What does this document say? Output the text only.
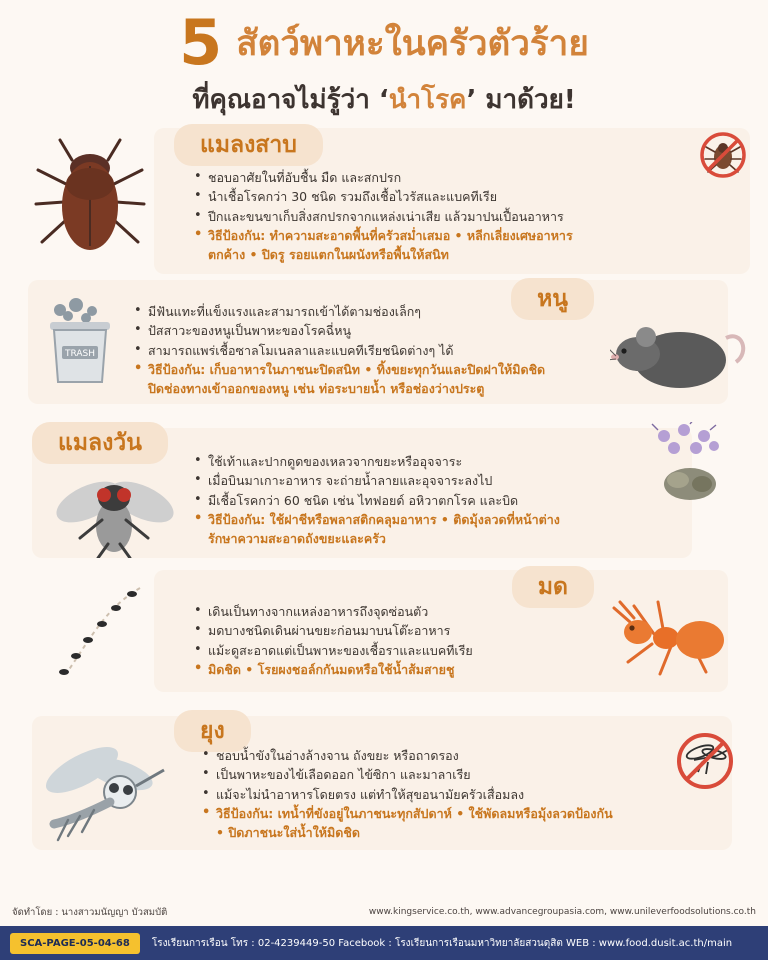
5 สัตว์พาหะในครัวตัวร้าย
ที่คุณอาจไม่รู้ว่า ‘นำโรค’ มาด้วย!
แมลงสาบ
• ชอบอาศัยในที่อับชื้น มืด และสกปรก
• นำเชื้อโรคกว่า 30 ชนิด รวมถึงเชื้อไวรัสและแบคทีเรีย
• ปีกและขนขาเก็บสิ่งสกปรกจากแหล่งเน่าเสีย แล้วมาปนเปื้อนอาหาร
• วิธีป้องกัน: ทำความสะอาดพื้นที่ครัวสม่ำเสมอ • หลีกเลี่ยงเศษอาหาร
ตกค้าง • ปิดรู รอยแตกในผนังหรือพื้นให้สนิท
TRASH
หนู
• มีฟันแทะที่แข็งแรงและสามารถเข้าได้ตามช่องเล็กๆ
• ปัสสาวะของหนูเป็นพาหะของโรคฉี่หนู
• สามารถแพร่เชื้อซาลโมเนลลาและแบคทีเรียชนิดต่างๆ ได้
• วิธีป้องกัน: เก็บอาหารในภาชนะปิดสนิท • ทิ้งขยะทุกวันและปิดฝาให้มิดชิด
ปิดช่องทางเข้าออกของหนู เช่น ท่อระบายน้ำ หรือช่องว่างประตู
แมลงวัน
• ใช้เท้าและปากดูดของเหลวจากขยะหรืออุจจาระ
• เมื่อบินมาเกาะอาหาร จะถ่ายน้ำลายและอุจจาระลงไป
• มีเชื้อโรคกว่า 60 ชนิด เช่น ไทฟอยด์ อหิวาตกโรค และบิด
• วิธีป้องกัน: ใช้ฝาชีหรือพลาสติกคลุมอาหาร • ติดมุ้งลวดที่หน้าต่าง
รักษาความสะอาดถังขยะและครัว
มด
• เดินเป็นทางจากแหล่งอาหารถึงจุดซ่อนตัว
• มดบางชนิดเดินผ่านขยะก่อนมาบนโต๊ะอาหาร
• แม้ะดูสะอาดแต่เป็นพาหะของเชื้อราและแบคทีเรีย
• มิดชิด • โรยผงชอล์กกันมดหรือใช้น้ำส้มสายชู
ยุง
• ชอบน้ำขังในอ่างล้างจาน ถังขยะ หรือถาดรอง
• เป็นพาหะของไข้เลือดออก ไข้ซิกา และมาลาเรีย
• แม้จะไม่นำอาหารโดยตรง แต่ทำให้สุขอนามัยครัวเสื่อมลง
• วิธีป้องกัน: เทน้ำที่ขังอยู่ในภาชนะทุกสัปดาห์ • ใช้พัดลมหรือมุ้งลวดป้องกัน
• ปิดภาชนะใส่น้ำให้มิดชิด
จัดทำโดย : นางสาวมนัญญา บัวสมบัติ	www.kingservice.co.th, www.advancegroupasia.com, www.unileverfoodsolutions.co.th
SCA-PAGE-05-04-68	โรงเรียนการเรือน โทร : 02-4239449-50 Facebook : โรงเรียนการเรือนมหาวิทยาลัยสวนดุสิต WEB : www.food.dusit.ac.th/main
